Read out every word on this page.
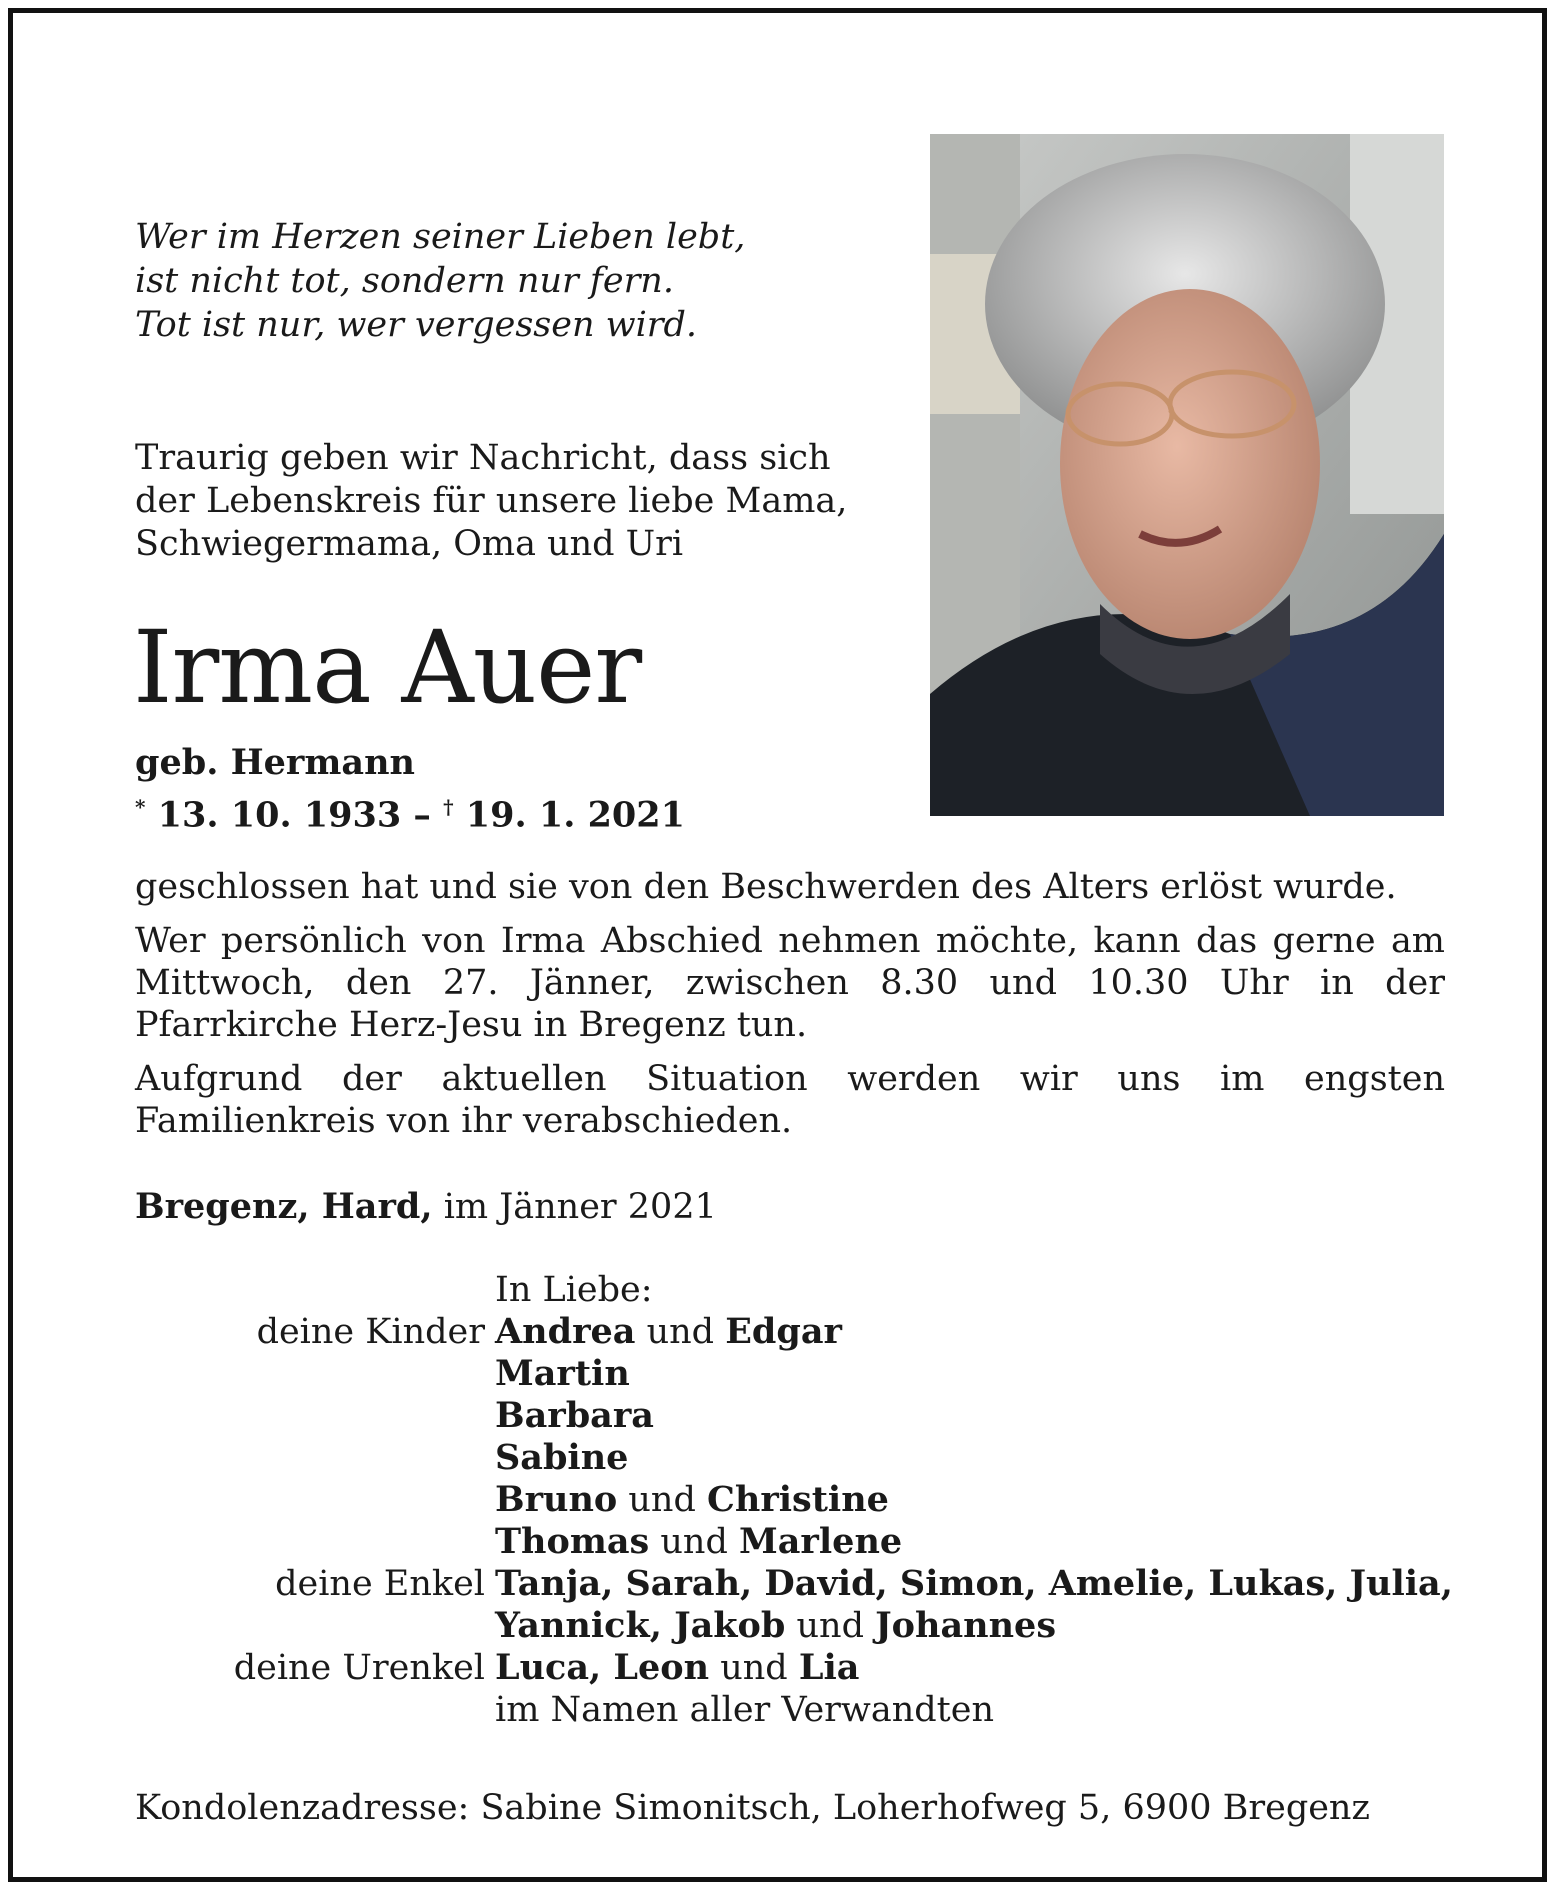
Wer im Herzen seiner Lieben lebt,
ist nicht tot, sondern nur fern.
Tot ist nur, wer vergessen wird.
Traurig geben wir Nachricht, dass sich
der Lebenskreis für unsere liebe Mama,
Schwiegermama, Oma und Uri
Irma Auer
geb. Hermann
* 13. 10. 1933 – † 19. 1. 2021

geschlossen hat und sie von den Beschwerden des Alters erlöst wurde.

Wer persönlich von Irma Abschied nehmen möchte, kann das gerne am Mittwoch, den 27. Jänner, zwischen 8.30 und 10.30 Uhr in der Pfarrkirche Herz-Jesu in Bregenz tun.

Aufgrund der aktuellen Situation werden wir uns im engsten Familienkreis von ihr verabschieden.

Bregenz, Hard, im Jänner 2021
In Liebe:
deine Kinder Andrea und Edgar
Martin
Barbara
Sabine
Bruno und Christine
Thomas und Marlene
deine Enkel Tanja, Sarah, David, Simon, Amelie, Lukas, Julia,
Yannick, Jakob und Johannes
deine Urenkel Luca, Leon und Lia
im Namen aller Verwandten
Kondolenzadresse: Sabine Simonitsch, Loherhofweg 5, 6900 Bregenz
